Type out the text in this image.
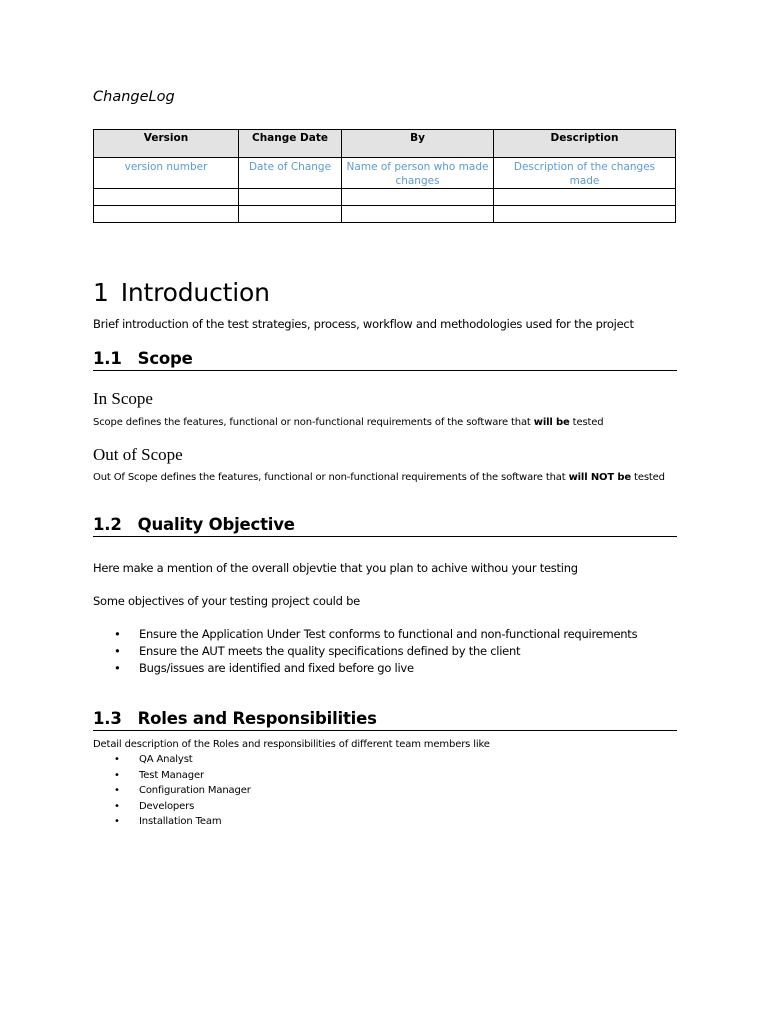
ChangeLog
Version	Change Date	By	Description
version number	Date of Change	Name of person who made changes	Description of the changes made

1 Introduction

Brief introduction of the test strategies, process, workflow and methodologies used for the project

1.1 Scope
In Scope

Scope defines the features, functional or non-functional requirements of the software that will be tested

Out of Scope

Out Of Scope defines the features, functional or non-functional requirements of the software that will NOT be tested

1.2 Quality Objective

Here make a mention of the overall objevtie that you plan to achive withou your testing

Some objectives of your testing project could be

• Ensure the Application Under Test conforms to functional and non-functional requirements
• Ensure the AUT meets the quality specifications defined by the client
• Bugs/issues are identified and fixed before go live
1.3 Roles and Responsibilities

Detail description of the Roles and responsibilities of different team members like

• QA Analyst
• Test Manager
• Configuration Manager
• Developers
• Installation Team
